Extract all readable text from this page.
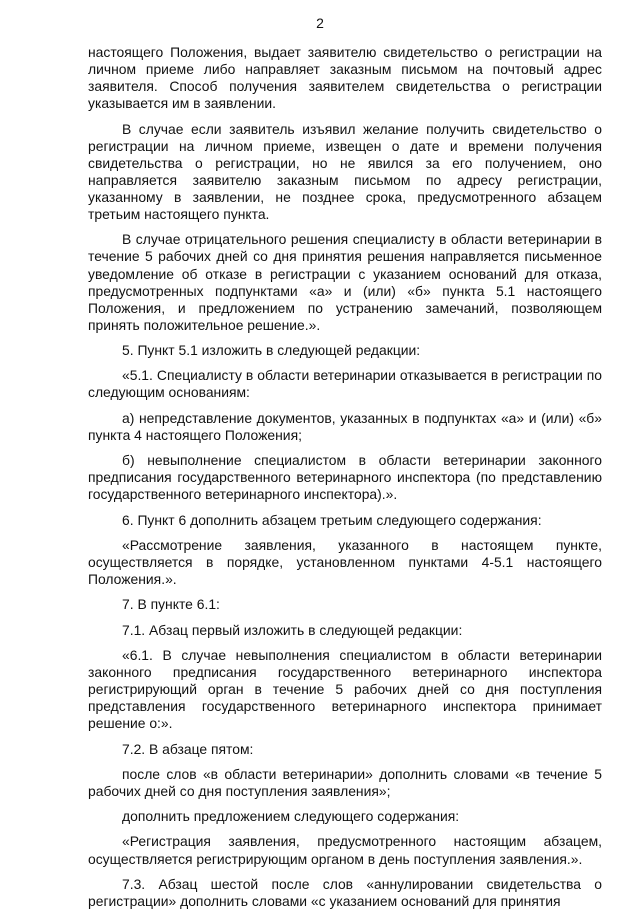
2

настоящего Положения, выдает заявителю свидетельство о регистрации на личном приеме либо направляет заказным письмом на почтовый адрес заявителя. Способ получения заявителем свидетельства о регистрации указывается им в заявлении.

В случае если заявитель изъявил желание получить свидетельство о регистрации на личном приеме, извещен о дате и времени получения свидетельства о регистрации, но не явился за его получением, оно направляется заявителю заказным письмом по адресу регистрации, указанному в заявлении, не позднее срока, предусмотренного абзацем третьим настоящего пункта.

В случае отрицательного решения специалисту в области ветеринарии в течение 5 рабочих дней со дня принятия решения направляется письменное уведомление об отказе в регистрации с указанием оснований для отказа, предусмотренных подпунктами «а» и (или) «б» пункта 5.1 настоящего Положения, и предложением по устранению замечаний, позволяющем принять положительное решение.».

5. Пункт 5.1 изложить в следующей редакции:

«5.1. Специалисту в области ветеринарии отказывается в регистрации по следующим основаниям:

а) непредставление документов, указанных в подпунктах «а» и (или) «б» пункта 4 настоящего Положения;

б) невыполнение специалистом в области ветеринарии законного предписания государственного ветеринарного инспектора (по представлению государственного ветеринарного инспектора).».

6. Пункт 6 дополнить абзацем третьим следующего содержания:

«Рассмотрение заявления, указанного в настоящем пункте, осуществляется в порядке, установленном пунктами 4-5.1 настоящего Положения.».

7. В пункте 6.1:

7.1. Абзац первый изложить в следующей редакции:

«6.1. В случае невыполнения специалистом в области ветеринарии законного предписания государственного ветеринарного инспектора регистрирующий орган в течение 5 рабочих дней со дня поступления представления государственного ветеринарного инспектора принимает решение о:».

7.2. В абзаце пятом:

после слов «в области ветеринарии» дополнить словами «в течение 5 рабочих дней со дня поступления заявления»;

дополнить предложением следующего содержания:

«Регистрация заявления, предусмотренного настоящим абзацем, осуществляется регистрирующим органом в день поступления заявления.».

7.3. Абзац шестой после слов «аннулировании свидетельства о регистрации» дополнить словами «с указанием оснований для принятия
